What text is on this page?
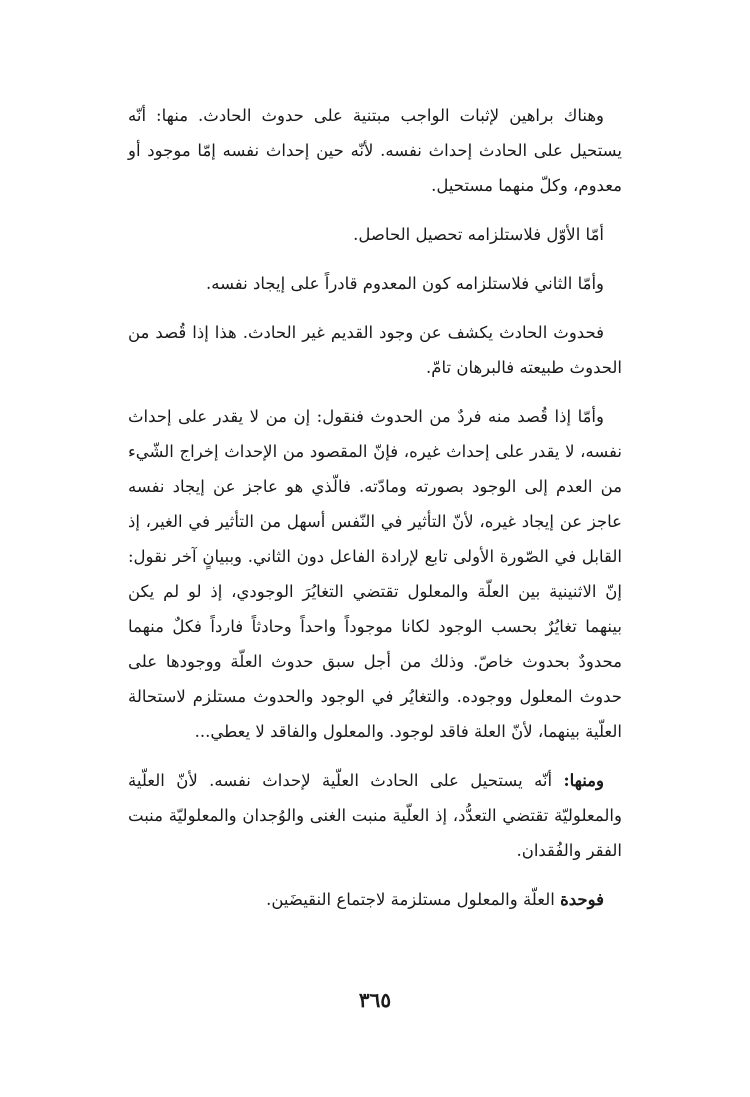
وهناك براهين لإثبات الواجب مبتنية على حدوث الحادث. منها: أنّه يستحيل على الحادث إحداث نفسه. لأنّه حين إحداث نفسه إمّا موجود أو معدوم، وكلّ منهما مستحيل.

أمّا الأوّل فلاستلزامه تحصيل الحاصل.

وأمّا الثاني فلاستلزامه كون المعدوم قادراً على إيجاد نفسه.

فحدوث الحادث يكشف عن وجود القديم غير الحادث. هذا إذا قُصد من الحدوث طبيعته فالبرهان تامّ.

وأمّا إذا قُصد منه فردٌ من الحدوث فنقول: إن من لا يقدر على إحداث نفسه، لا يقدر على إحداث غيره، فإنّ المقصود من الإحداث إخراج الشّيء من العدم إلى الوجود بصورته ومادّته. فالّذي هو عاجز عن إيجاد نفسه عاجز عن إيجاد غيره، لأنّ التأثير في النّفس أسهل من التأثير في الغير، إذ القابل في الصّورة الأولى تابع لإرادة الفاعل دون الثاني. وببيانٍ آخر نقول: إنّ الاثنينية بين العلّة والمعلول تقتضي التغايُرَ الوجودي، إذ لو لم يكن بينهما تغايُرٌ بحسب الوجود لكانا موجوداً واحداً وحادثاً فارداً فكلٌ منهما محدودٌ بحدوث خاصّ. وذلك من أجل سبق حدوث العلّة ووجودها على حدوث المعلول ووجوده. والتغايُر في الوجود والحدوث مستلزم لاستحالة العلّية بينهما، لأنّ العلة فاقد لوجود. والمعلول والفاقد لا يعطي...

ومنها: أنّه يستحيل على الحادث العلّية لإحداث نفسه. لأنّ العلّية والمعلوليّة تقتضي التعدُّد، إذ العلّية منبت الغنى والوُجدان والمعلوليّة منبت الفقر والفُقدان.

فوحدة العلّة والمعلول مستلزمة لاجتماع النقيضَين.

٣٦٥
